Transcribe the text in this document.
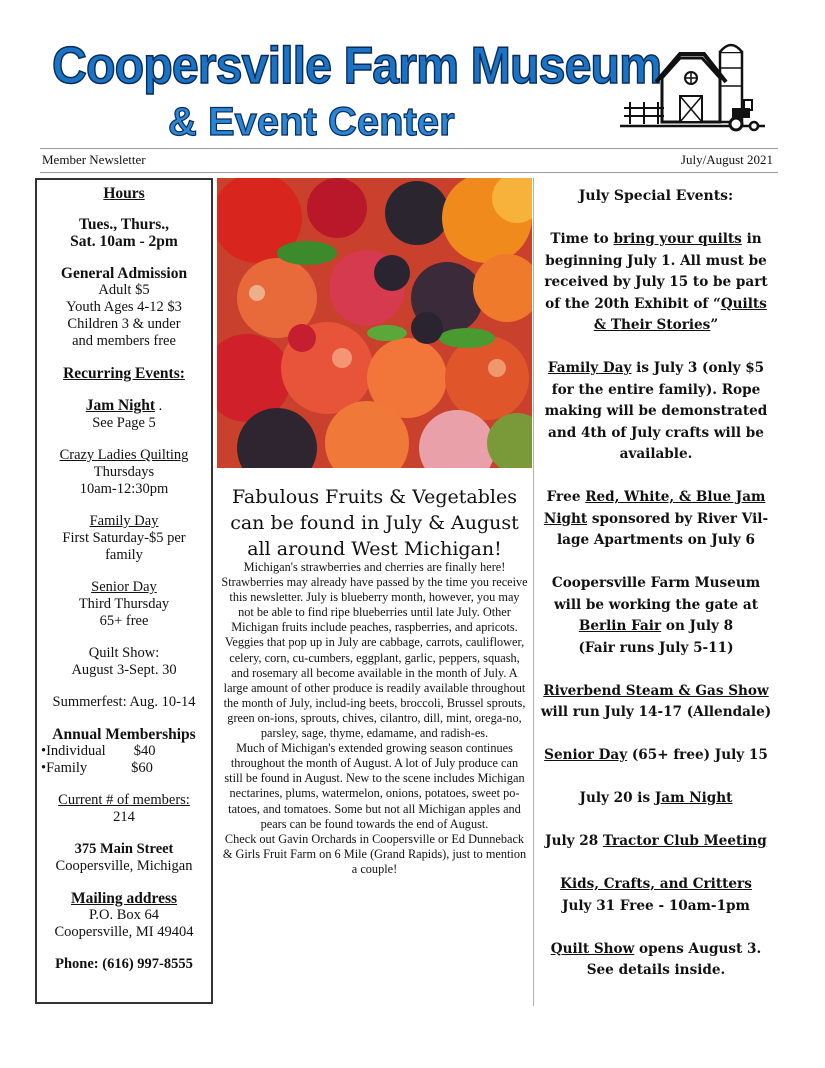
Coopersville Farm Museum
& Event Center
Member Newsletter	July/August 2021
Hours
Tues., Thurs.,
Sat. 10am - 2pm
General Admission
Adult $5
Youth Ages 4-12 $3
Children 3 & under
and members free
Recurring Events:
Jam Night .
See Page 5
Crazy Ladies Quilting
Thursdays
10am-12:30pm
Family Day
First Saturday-$5 per
family
Senior Day
Third Thursday
65+ free
Quilt Show:
August 3-Sept. 30
Summerfest: Aug. 10-14
Annual Memberships
•Individual $40
•Family	$60
Current # of members:
214
375 Main Street
Coopersville, Michigan
Mailing address
P.O. Box 64
Coopersville, MI 49404
Phone: (616) 997-8555
Fabulous Fruits & Vegetables
can be found in July & August
all around West Michigan!

Michigan's strawberries and cherries are finally here! Strawberries may already have passed by the time you receive this newsletter. July is blueberry month, however, you may not be able to find ripe blueberries until late July. Other Michigan fruits include peaches, raspberries, and apricots. Veggies that pop up in July are cabbage, carrots, cauliflower, celery, corn, cu-cumbers, eggplant, garlic, peppers, squash, and rosemary all become available in the month of July. A large amount of other produce is readily available throughout the month of July, includ-ing beets, broccoli, Brussel sprouts, green on-ions, sprouts, chives, cilantro, dill, mint, orega-no, parsley, sage, thyme, edamame, and radish-es.

Much of Michigan's extended growing season continues throughout the month of August. A lot of July produce can still be found in August. New to the scene includes Michigan nectarines, plums, watermelon, onions, potatoes, sweet po-tatoes, and tomatoes. Some but not all Michigan apples and pears can be found towards the end of August.

Check out Gavin Orchards in Coopersville or Ed Dunneback & Girls Fruit Farm on 6 Mile (Grand Rapids), just to mention a couple!

July Special Events:
Time to bring your quilts in beginning July 1. All must be received by July 15 to be part of the 20th Exhibit of “Quilts & Their Stories”
Family Day is July 3 (only $5 for the entire family). Rope making will be demonstrated and 4th of July crafts will be available.
Free Red, White, & Blue Jam Night sponsored by River Vil-lage Apartments on July 6
Coopersville Farm Museum will be working the gate at Berlin Fair on July 8
(Fair runs July 5-11)
Riverbend Steam & Gas Show will run July 14-17 (Allendale)
Senior Day (65+ free) July 15
July 20 is Jam Night
July 28 Tractor Club Meeting
Kids, Crafts, and Critters
July 31 Free - 10am-1pm
Quilt Show opens August 3.
See details inside.
